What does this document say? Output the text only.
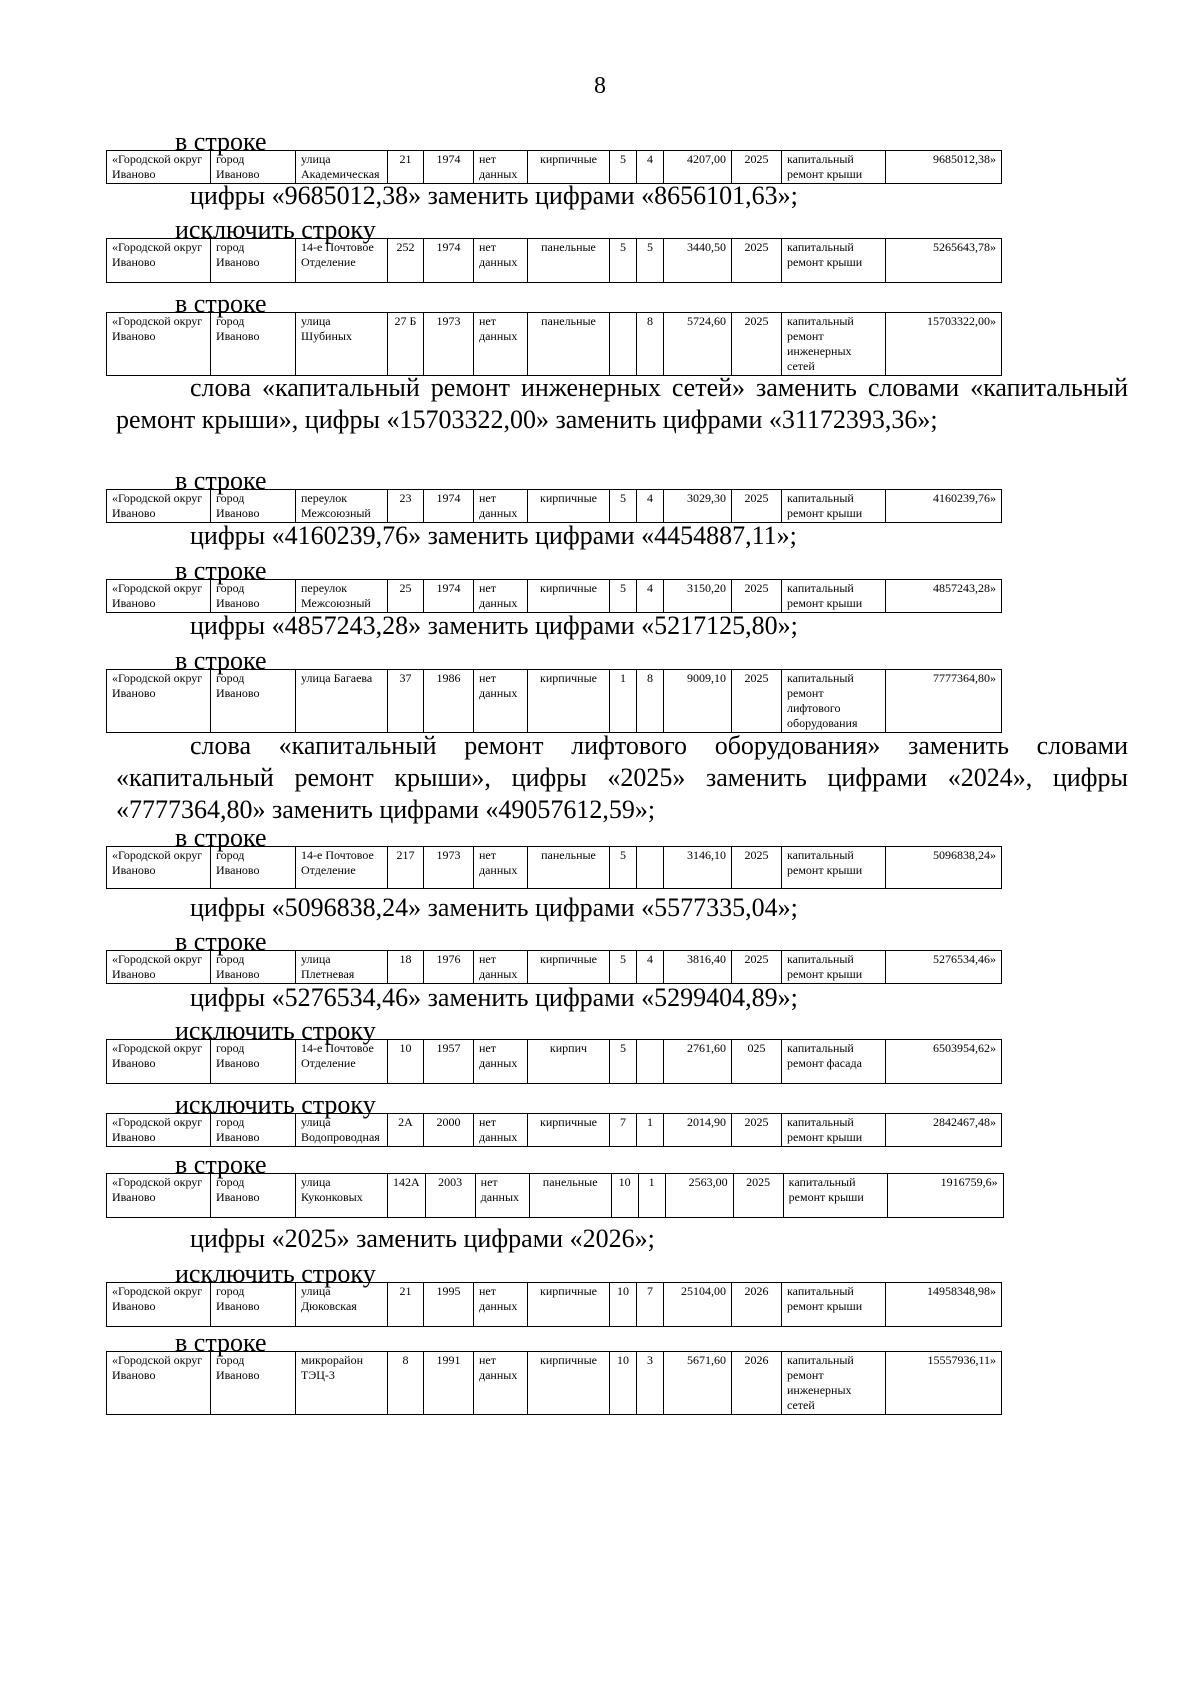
8
в строке
«Городской округ Иваново	город Иваново	улица Академическая	21	1974	нет данных	кирпичные	5	4	4207,00	2025	капитальный ремонт крыши	9685012,38»
цифры «9685012,38» заменить цифрами «8656101,63»;
исключить строку
«Городской округ Иваново	город Иваново	14-е Почтовое Отделение	252	1974	нет данных	панельные	5	5	3440,50	2025	капитальный ремонт крыши	5265643,78»
в строке
«Городской округ Иваново	город Иваново	улица Шубиных	27 Б	1973	нет данных	панельные		8	5724,60	2025	капитальный ремонт инженерных сетей	15703322,00»
слова «капитальный ремонт инженерных сетей» заменить словами «капитальный ремонт крыши», цифры «15703322,00» заменить цифрами «31172393,36»;
в строке
«Городской округ Иваново	город Иваново	переулок Межсоюзный	23	1974	нет данных	кирпичные	5	4	3029,30	2025	капитальный ремонт крыши	4160239,76»
цифры «4160239,76» заменить цифрами «4454887,11»;
в строке
«Городской округ Иваново	город Иваново	переулок Межсоюзный	25	1974	нет данных	кирпичные	5	4	3150,20	2025	капитальный ремонт крыши	4857243,28»
цифры «4857243,28» заменить цифрами «5217125,80»;
в строке
«Городской округ Иваново	город Иваново	улица Багаева	37	1986	нет данных	кирпичные	1	8	9009,10	2025	капитальный ремонт лифтового оборудования	7777364,80»
слова «капитальный ремонт лифтового оборудования» заменить словами «капитальный ремонт крыши», цифры «2025» заменить цифрами «2024», цифры «7777364,80» заменить цифрами «49057612,59»;
в строке
«Городской округ Иваново	город Иваново	14-е Почтовое Отделение	217	1973	нет данных	панельные	5		3146,10	2025	капитальный ремонт крыши	5096838,24»
цифры «5096838,24» заменить цифрами «5577335,04»;
в строке
«Городской округ Иваново	город Иваново	улица Плетневая	18	1976	нет данных	кирпичные	5	4	3816,40	2025	капитальный ремонт крыши	5276534,46»
цифры «5276534,46» заменить цифрами «5299404,89»;
исключить строку
«Городской округ Иваново	город Иваново	14-е Почтовое Отделение	10	1957	нет данных	кирпич	5		2761,60	025	капитальный ремонт фасада	6503954,62»
исключить строку
«Городской округ Иваново	город Иваново	улица Водопроводная	2А	2000	нет данных	кирпичные	7	1	2014,90	2025	капитальный ремонт крыши	2842467,48»
в строке
«Городской округ Иваново	город Иваново	улица Куконковых	142А	2003	нет данных	панельные	10	1	2563,00	2025	капитальный ремонт крыши	1916759,6»
цифры «2025» заменить цифрами «2026»;
исключить строку
«Городской округ Иваново	город Иваново	улица Дюковская	21	1995	нет данных	кирпичные	10	7	25104,00	2026	капитальный ремонт крыши	14958348,98»
в строке
«Городской округ Иваново	город Иваново	микрорайон ТЭЦ-3	8	1991	нет данных	кирпичные	10	3	5671,60	2026	капитальный ремонт инженерных сетей	15557936,11»
